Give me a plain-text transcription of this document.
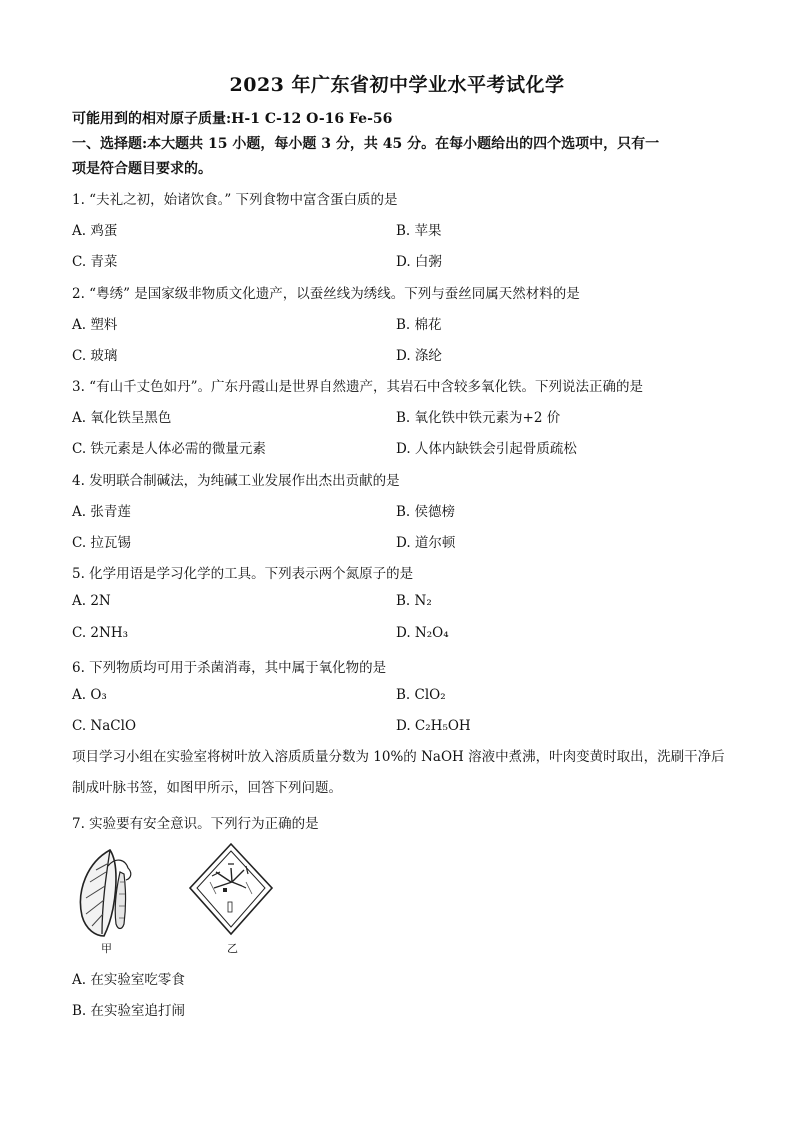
2023 年广东省初中学业水平考试化学
可能用到的相对原子质量:H-1 C-12 O-16 Fe-56
一、选择题:本大题共 15 小题，每小题 3 分，共 45 分。在每小题给出的四个选项中，只有一
项是符合题目要求的。
1. “夫礼之初，始诸饮食。” 下列食物中富含蛋白质的是
A. 鸡蛋	B. 苹果
C. 青菜	D. 白粥
2. “粤绣” 是国家级非物质文化遗产，以蚕丝线为绣线。下列与蚕丝同属天然材料的是
A. 塑料	B. 棉花
C. 玻璃	D. 涤纶
3. “有山千丈色如丹”。广东丹霞山是世界自然遗产，其岩石中含较多氧化铁。下列说法正确的是
A. 氧化铁呈黑色	B. 氧化铁中铁元素为+2 价
C. 铁元素是人体必需的微量元素	D. 人体内缺铁会引起骨质疏松
4. 发明联合制碱法，为纯碱工业发展作出杰出贡献的是
A. 张青莲	B. 侯德榜
C. 拉瓦锡	D. 道尔顿
5. 化学用语是学习化学的工具。下列表示两个氮原子的是
A. 2N	B. N₂
C. 2NH₃	D. N₂O₄
6. 下列物质均可用于杀菌消毒，其中属于氧化物的是
A. O₃	B. ClO₂
C. NaClO	D. C₂H₅OH
项目学习小组在实验室将树叶放入溶质质量分数为 10%的 NaOH 溶液中煮沸，叶肉变黄时取出，洗刷干净后制成叶脉书签，如图甲所示，回答下列问题。
7. 实验要有安全意识。下列行为正确的是
甲	乙
A. 在实验室吃零食
B. 在实验室追打闹
